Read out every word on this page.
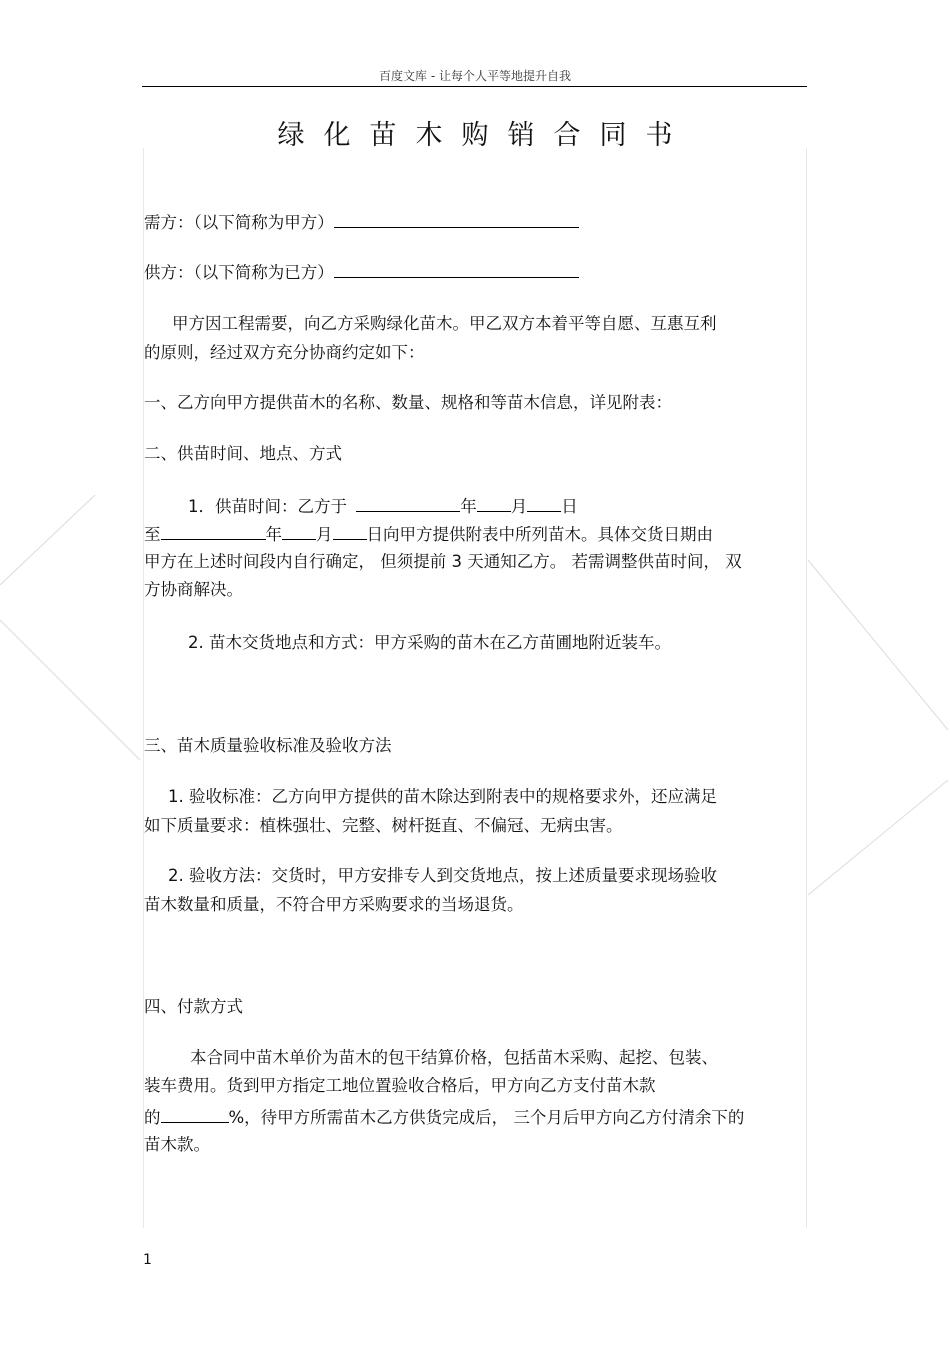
百度文库 - 让每个人平等地提升自我
绿化苗木购销合同书
需方：（以下简称为甲方）
供方：（以下简称为已方）
甲方因工程需要，向乙方采购绿化苗木。甲乙双方本着平等自愿、互惠互利
的原则，经过双方充分协商约定如下：
一、乙方向甲方提供苗木的名称、数量、规格和等苗木信息，详见附表：
二、供苗时间、地点、方式
1．供苗时间：乙方于	年 月 日
至	年 月 日向甲方提供附表中所列苗木。具体交货日期由
甲方在上述时间段内自行确定， 但须提前 3 天通知乙方。 若需调整供苗时间， 双
方协商解决。
2. 苗木交货地点和方式：甲方采购的苗木在乙方苗圃地附近装车。
三、苗木质量验收标准及验收方法
1. 验收标准：乙方向甲方提供的苗木除达到附表中的规格要求外，还应满足
如下质量要求：植株强壮、完整、树杆挺直、不偏冠、无病虫害。
2. 验收方法：交货时，甲方安排专人到交货地点，按上述质量要求现场验收
苗木数量和质量，不符合甲方采购要求的当场退货。
四、付款方式
本合同中苗木单价为苗木的包干结算价格，包括苗木采购、起挖、包装、
装车费用。货到甲方指定工地位置验收合格后，甲方向乙方支付苗木款
的	%，待甲方所需苗木乙方供货完成后， 三个月后甲方向乙方付清余下的
苗木款。
1
